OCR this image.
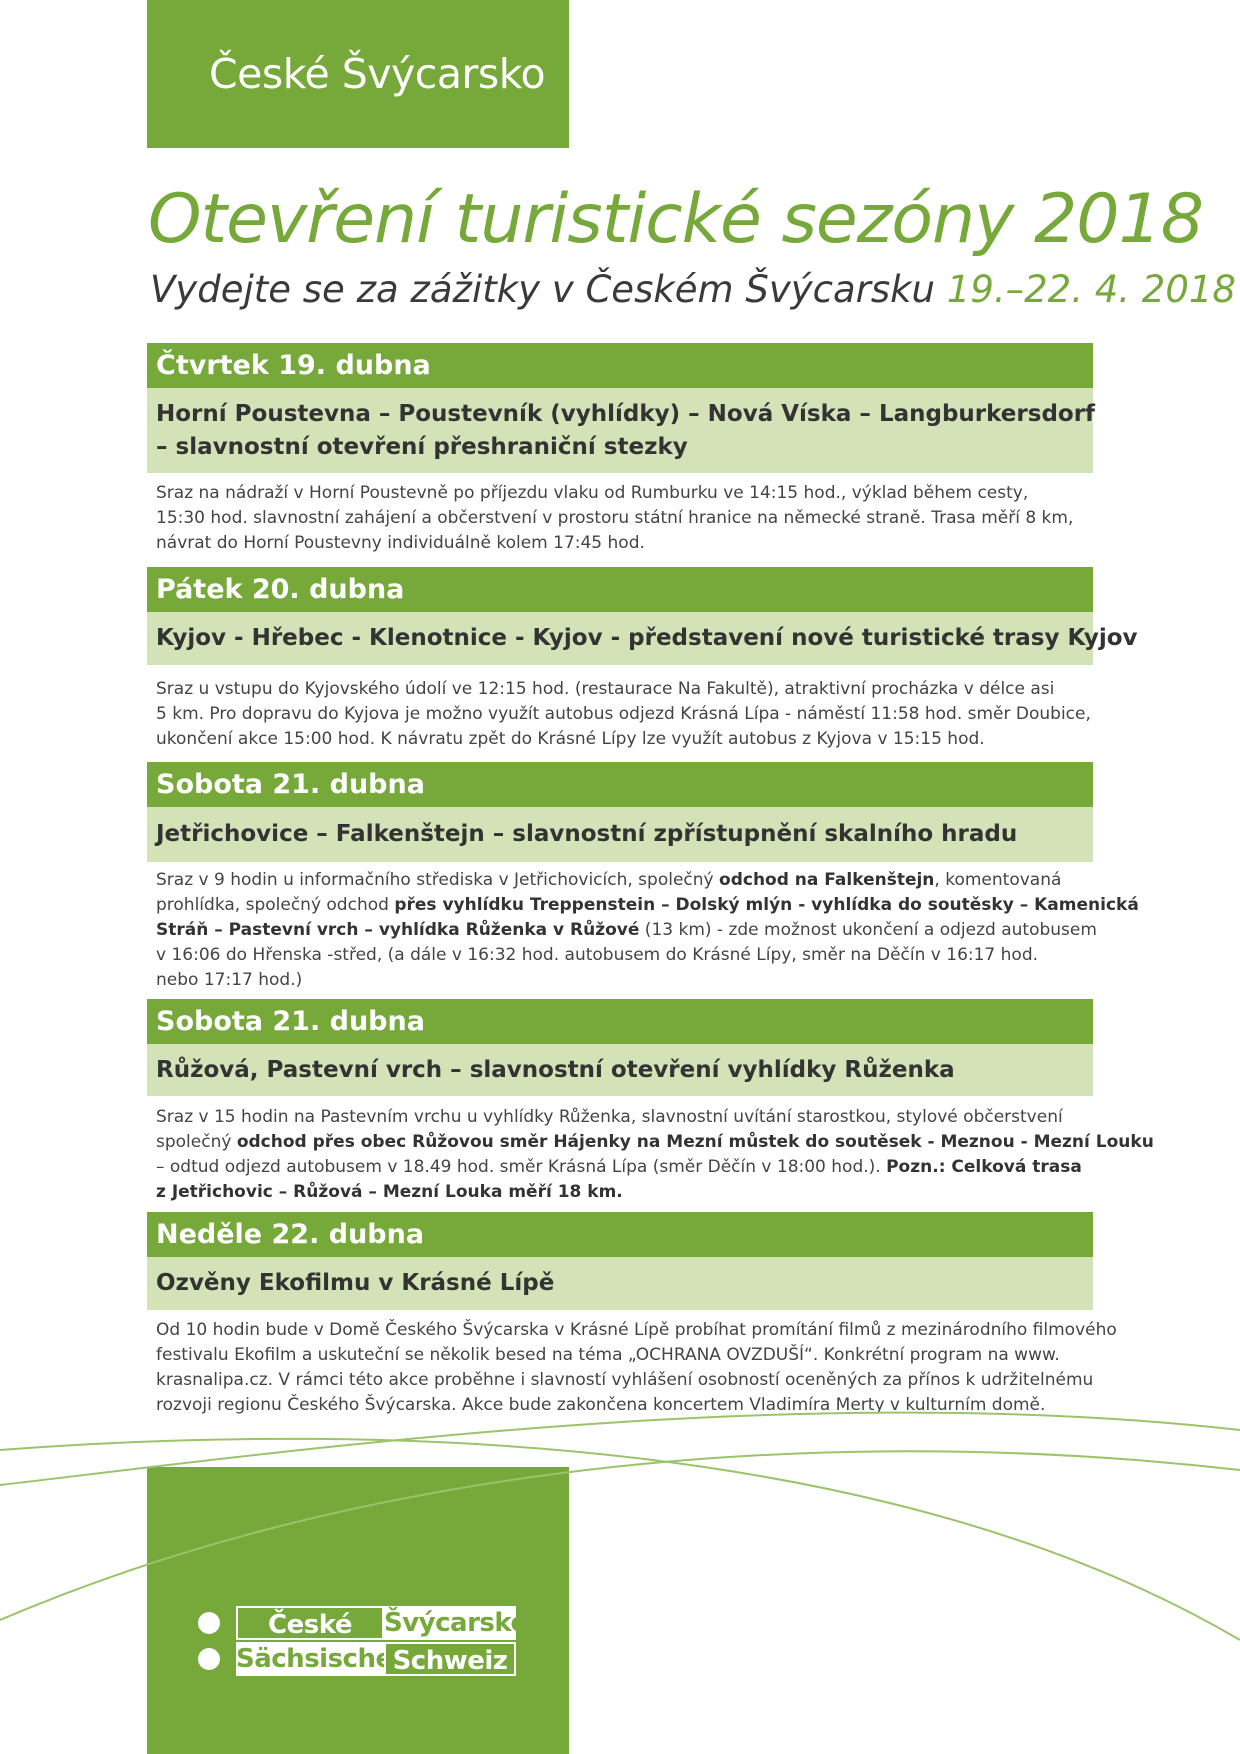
České Švýcarsko
Otevření turistické sezóny 2018
Vydejte se za zážitky v Českém Švýcarsku 19.–22. 4. 2018
Čtvrtek 19. dubna
Horní Poustevna – Poustevník (vyhlídky) – Nová Víska – Langburkersdorf
– slavnostní otevření přeshraniční stezky
Sraz na nádraží v Horní Poustevně po příjezdu vlaku od Rumburku ve 14:15 hod., výklad během cesty,
15:30 hod. slavnostní zahájení a občerstvení v prostoru státní hranice na německé straně. Trasa měří 8 km,
návrat do Horní Poustevny individuálně kolem 17:45 hod.
Pátek 20. dubna
Kyjov - Hřebec - Klenotnice - Kyjov - představení nové turistické trasy Kyjov
Sraz u vstupu do Kyjovského údolí ve 12:15 hod. (restaurace Na Fakultě), atraktivní procházka v délce asi
5 km. Pro dopravu do Kyjova je možno využít autobus odjezd Krásná Lípa - náměstí 11:58 hod. směr Doubice,
ukončení akce 15:00 hod. K návratu zpět do Krásné Lípy lze využít autobus z Kyjova v 15:15 hod.
Sobota 21. dubna
Jetřichovice – Falkenštejn – slavnostní zpřístupnění skalního hradu
Sraz v 9 hodin u informačního střediska v Jetřichovicích, společný odchod na Falkenštejn, komentovaná
prohlídka, společný odchod přes vyhlídku Treppenstein – Dolský mlýn - vyhlídka do soutěsky – Kamenická
Stráň – Pastevní vrch – vyhlídka Růženka v Růžové (13 km) - zde možnost ukončení a odjezd autobusem
v 16:06 do Hřenska -střed, (a dále v 16:32 hod. autobusem do Krásné Lípy, směr na Děčín v 16:17 hod.
nebo 17:17 hod.)
Sobota 21. dubna
Růžová, Pastevní vrch – slavnostní otevření vyhlídky Růženka
Sraz v 15 hodin na Pastevním vrchu u vyhlídky Růženka, slavnostní uvítání starostkou, stylové občerstvení
společný odchod přes obec Růžovou směr Hájenky na Mezní můstek do soutěsek - Meznou - Mezní Louku
– odtud odjezd autobusem v 18.49 hod. směr Krásná Lípa (směr Děčín v 18:00 hod.). Pozn.: Celková trasa
z Jetřichovic – Růžová – Mezní Louka měří 18 km.
Neděle 22. dubna
Ozvěny Ekofilmu v Krásné Lípě
Od 10 hodin bude v Domě Českého Švýcarska v Krásné Lípě probíhat promítání filmů z mezinárodního filmového
festivalu Ekofilm a uskuteční se několik besed na téma „OCHRANA OVZDUŠÍ“. Konkrétní program na www.
krasnalipa.cz. V rámci této akce proběhne i slavností vyhlášení osobností oceněných za přínos k udržitelnému
rozvoji regionu Českého Švýcarska. Akce bude zakončena koncertem Vladimíra Merty v kulturním domě.
České	Švýcarsko
Sächsische Schweiz
